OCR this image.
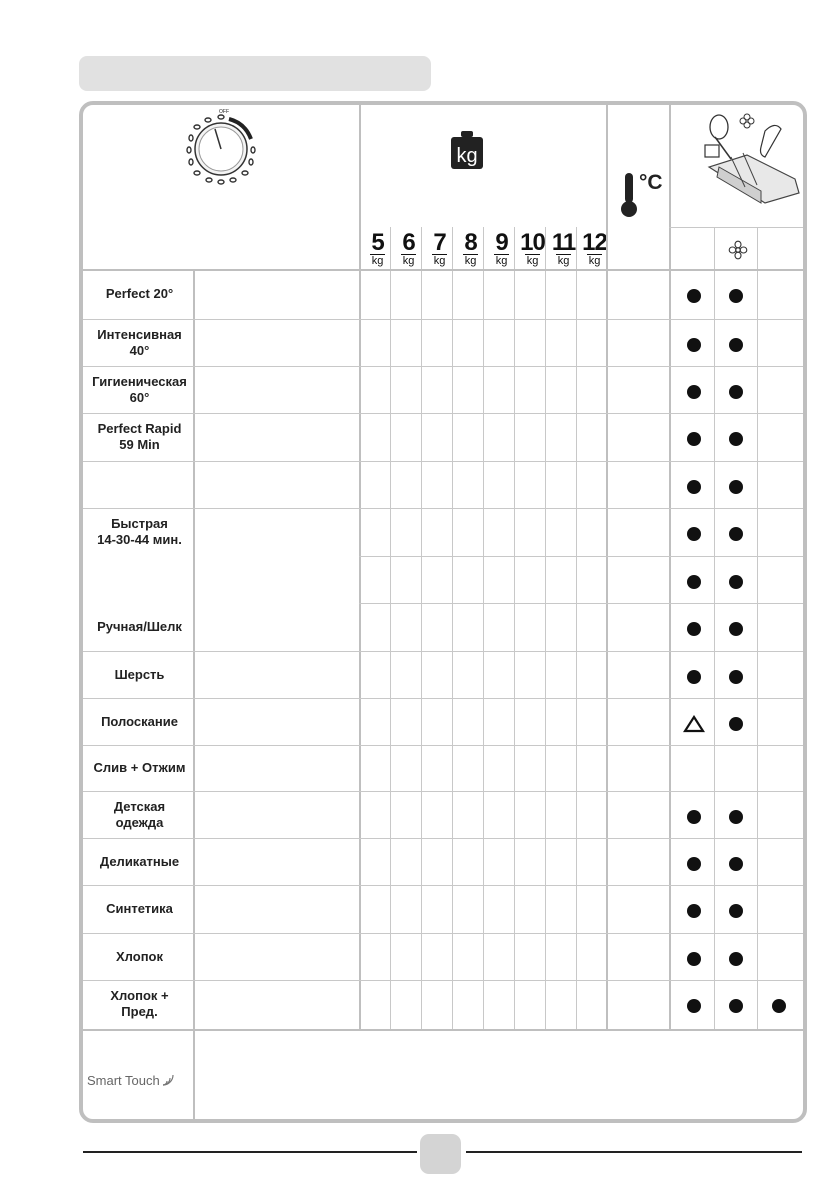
OFF
kg
°C
5
kg
6
kg
7
kg
8
kg
9
kg
10
kg
11
kg
12
kg
Perfect 20°
Интенсивная
40°
Гигиеническая
60°
Perfect Rapid
59 Min
Быстрая
14-30-44 мин.
Ручная/Шелк
Шерсть
Полоскание
Слив + Отжим
Детская
одежда
Деликатные
Синтетика
Хлопок
Хлопок +
Пред.
Smart Touch
